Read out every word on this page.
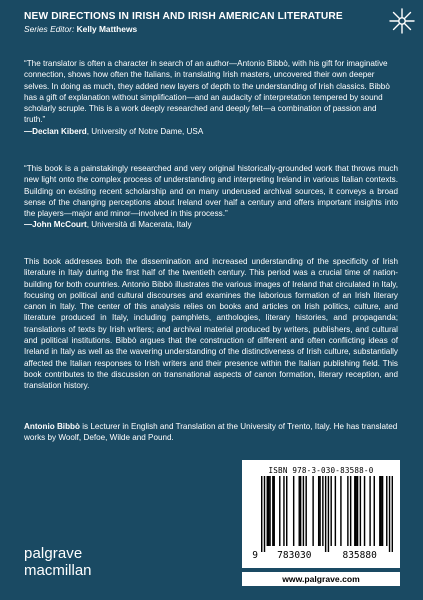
NEW DIRECTIONS IN IRISH AND IRISH AMERICAN LITERATURE
Series Editor: Kelly Matthews
“The translator is often a character in search of an author—Antonio Bibbò, with his gift for imaginative connection, shows how often the Italians, in translating Irish masters, uncovered their own deeper selves. In doing as much, they added new layers of depth to the understanding of Irish classics. Bibbò has a gift of explanation without simplification—and an audacity of interpretation tempered by sound scholarly scruple. This is a work deeply researched and deeply felt—a combination of passion and truth.”
—Declan Kiberd, University of Notre Dame, USA
“This book is a painstakingly researched and very original historically-grounded work that throws much new light onto the complex process of understanding and interpreting Ireland in various Italian contexts. Building on existing recent scholarship and on many underused archival sources, it conveys a broad sense of the changing perceptions about Ireland over half a century and offers important insights into the players—major and minor—involved in this process.”
—John McCourt, Università di Macerata, Italy
This book addresses both the dissemination and increased understanding of the specificity of Irish literature in Italy during the first half of the twentieth century. This period was a crucial time of nation-building for both countries. Antonio Bibbò illustrates the various images of Ireland that circulated in Italy, focusing on political and cultural discourses and examines the laborious formation of an Irish literary canon in Italy. The center of this analysis relies on books and articles on Irish politics, culture, and literature produced in Italy, including pamphlets, anthologies, literary histories, and propaganda; translations of texts by Irish writers; and archival material produced by writers, publishers, and cultural and political institutions. Bibbò argues that the construction of different and often conflicting ideas of Ireland in Italy as well as the wavering understanding of the distinctiveness of Irish culture, substantially affected the Italian responses to Irish writers and their presence within the Italian publishing field. This book contributes to the discussion on transnational aspects of canon formation, literary reception, and translation history.
Antonio Bibbò is Lecturer in English and Translation at the University of Trento, Italy. He has translated works by Woolf, Defoe, Wilde and Pound.
ISBN 978-3-030-83588-0
9 783030	835880
www.palgrave.com
palgrave
macmillan
